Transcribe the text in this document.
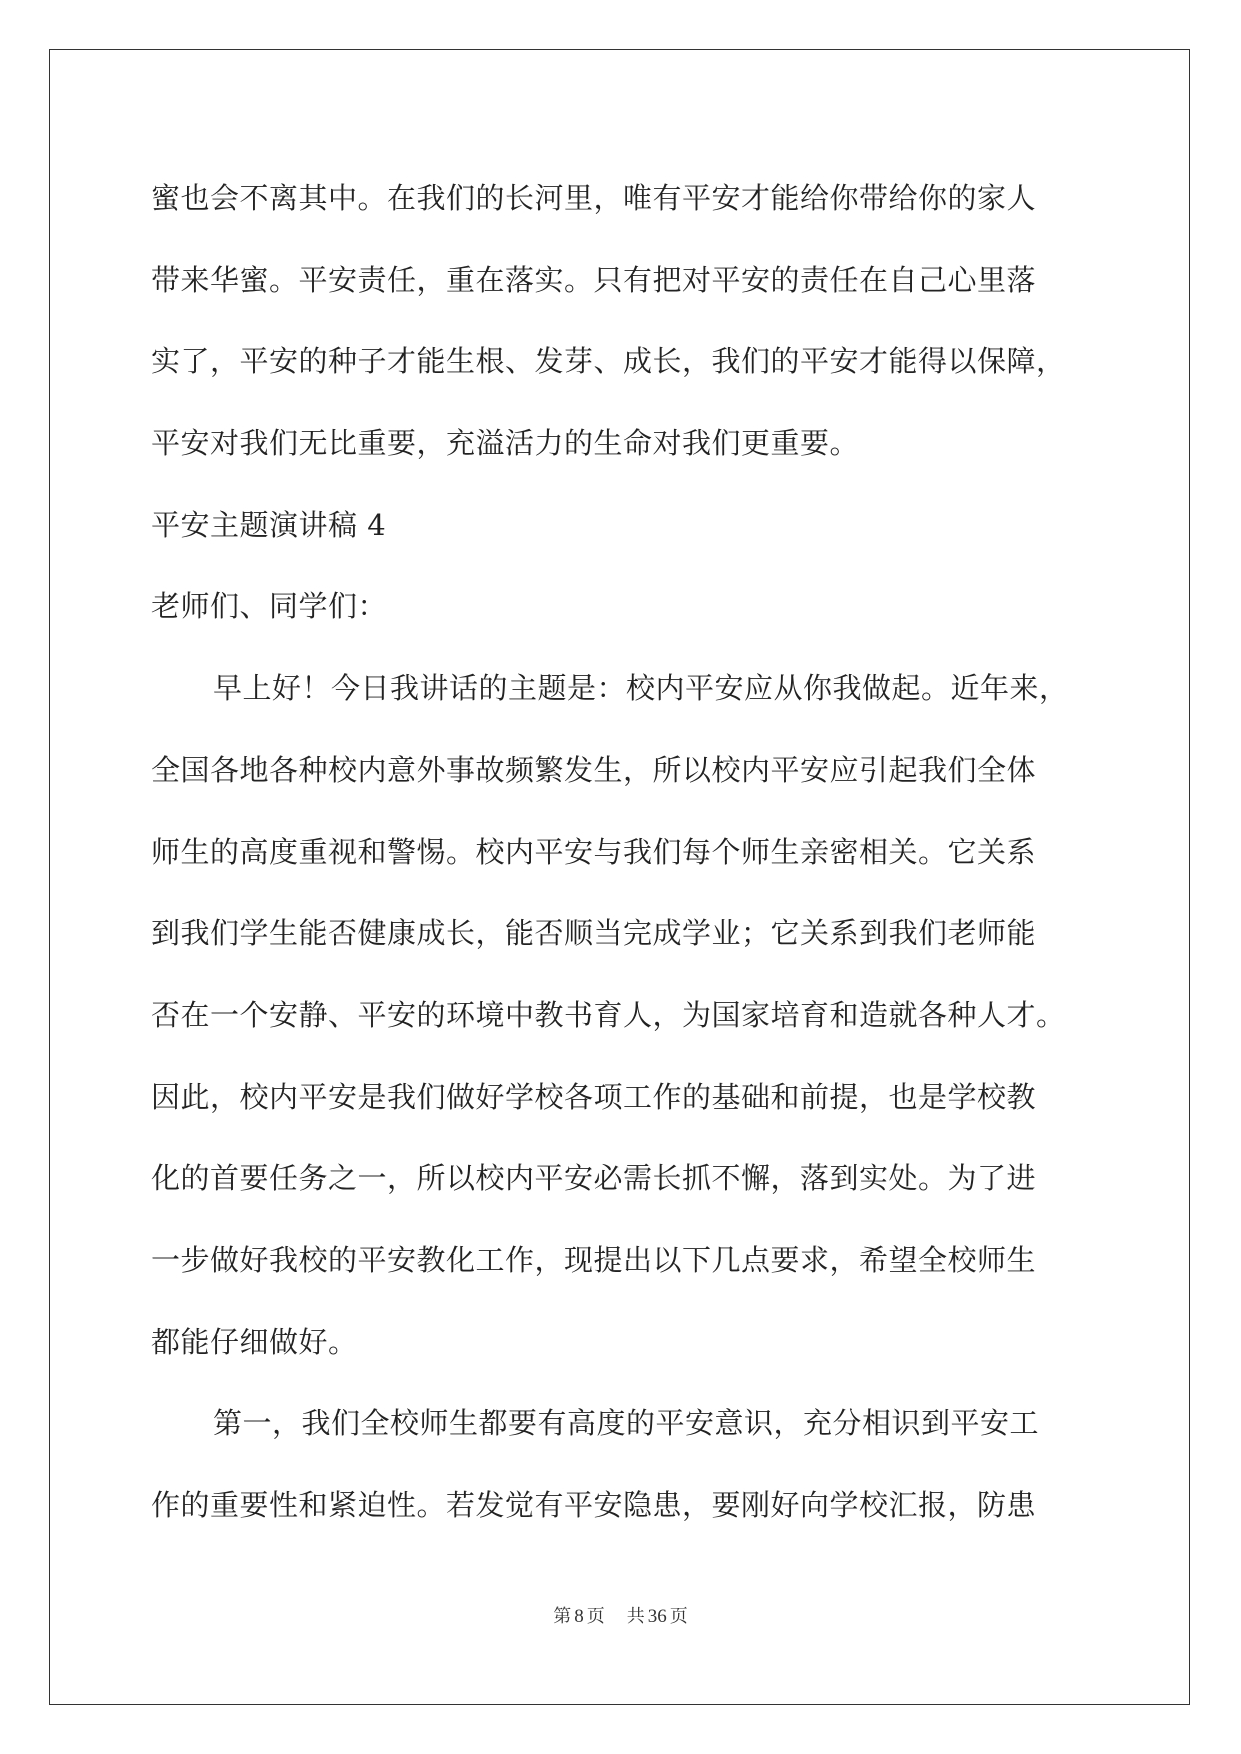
蜜也会不离其中。在我们的长河里，唯有平安才能给你带给你的家人
带来华蜜。平安责任，重在落实。只有把对平安的责任在自己心里落
实了，平安的种子才能生根、发芽、成长，我们的平安才能得以保障，
平安对我们无比重要，充溢活力的生命对我们更重要。
平安主题演讲稿 4
老师们、同学们：
早上好！今日我讲话的主题是：校内平安应从你我做起。近年来，
全国各地各种校内意外事故频繁发生，所以校内平安应引起我们全体
师生的高度重视和警惕。校内平安与我们每个师生亲密相关。它关系
到我们学生能否健康成长，能否顺当完成学业；它关系到我们老师能
否在一个安静、平安的环境中教书育人，为国家培育和造就各种人才。
因此，校内平安是我们做好学校各项工作的基础和前提，也是学校教
化的首要任务之一，所以校内平安必需长抓不懈，落到实处。为了进
一步做好我校的平安教化工作，现提出以下几点要求，希望全校师生
都能仔细做好。
第一，我们全校师生都要有高度的平安意识，充分相识到平安工
作的重要性和紧迫性。若发觉有平安隐患，要刚好向学校汇报，防患
第 8 页 共 36 页
